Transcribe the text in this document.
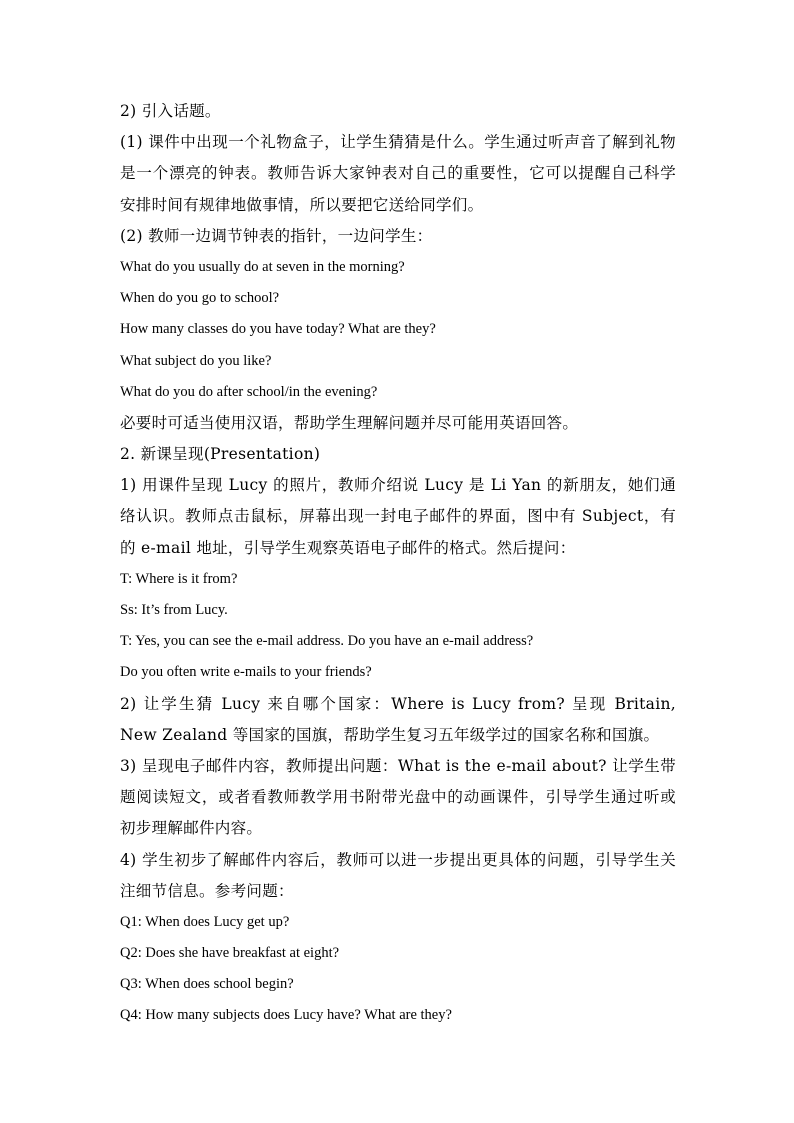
2) 引入话题。

(1) 课件中出现一个礼物盒子，让学生猜猜是什么。学生通过听声音了解到礼物

是一个漂亮的钟表。教师告诉大家钟表对自己的重要性，它可以提醒自己科学

安排时间有规律地做事情，所以要把它送给同学们。

(2) 教师一边调节钟表的指针，一边问学生：

What do you usually do at seven in the morning?

When do you go to school?

How many classes do you have today? What are they?

What subject do you like?

What do you do after school/in the evening?

必要时可适当使用汉语，帮助学生理解问题并尽可能用英语回答。

2. 新课呈现(Presentation)

1) 用课件呈现 Lucy 的照片，教师介绍说 Lucy 是 Li Yan 的新朋友，她们通

络认识。教师点击鼠标，屏幕出现一封电子邮件的界面，图中有 Subject，有

的 e-mail 地址，引导学生观察英语电子邮件的格式。然后提问：

T: Where is it from?

Ss: It’s from Lucy.

T: Yes, you can see the e-mail address. Do you have an e-mail address?

Do you often write e-mails to your friends?

2) 让学生猜 Lucy 来自哪个国家：Where is Lucy from? 呈现 Britain,

New Zealand 等国家的国旗，帮助学生复习五年级学过的国家名称和国旗。

3) 呈现电子邮件内容，教师提出问题：What is the e-mail about? 让学生带

题阅读短文，或者看教师教学用书附带光盘中的动画课件，引导学生通过听或

初步理解邮件内容。

4) 学生初步了解邮件内容后，教师可以进一步提出更具体的问题，引导学生关

注细节信息。参考问题：

Q1: When does Lucy get up?

Q2: Does she have breakfast at eight?

Q3: When does school begin?

Q4: How many subjects does Lucy have? What are they?
